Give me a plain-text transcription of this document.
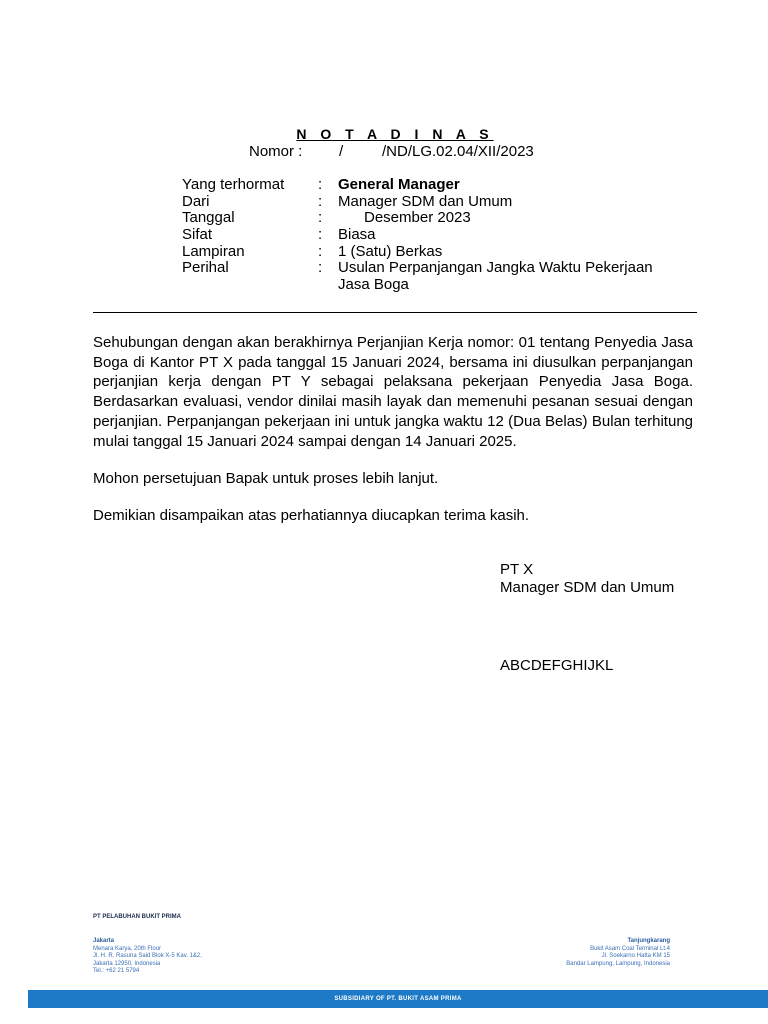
N O T A D I N A S
Nomor : /	/ND/LG.02.04/XII/2023
Yang terhormat : General Manager
Dari	: Manager SDM dan Umum
Tanggal	:	Desember 2023
Sifat	: Biasa
Lampiran	: 1 (Satu) Berkas
Perihal	: Usulan Perpanjangan Jangka Waktu Pekerjaan
Jasa Boga
Sehubungan dengan akan berakhirnya Perjanjian Kerja nomor: 01 tentang Penyedia Jasa Boga di Kantor PT X pada tanggal 15 Januari 2024, bersama ini diusulkan perpanjangan perjanjian kerja dengan PT Y sebagai pelaksana pekerjaan Penyedia Jasa Boga. Berdasarkan evaluasi, vendor dinilai masih layak dan memenuhi pesanan sesuai dengan perjanjian. Perpanjangan pekerjaan ini untuk jangka waktu 12 (Dua Belas) Bulan terhitung mulai tanggal 15 Januari 2024 sampai dengan 14 Januari 2025.
Mohon persetujuan Bapak untuk proses lebih lanjut.
Demikian disampaikan atas perhatiannya diucapkan terima kasih.
PT X
Manager SDM dan Umum
ABCDEFGHIJKL
PT PELABUHAN BUKIT PRIMA
Jakarta
Menara Karya, 20th Floor
Jl. H. R. Rasuna Said Blok X-5 Kav. 1&2,
Jakarta 12950, Indonesia
Tel.: +62 21 5794
Tanjungkarang
Bukit Asam Coal Terminal Lt.4
Jl. Soekarno Hatta KM 15
Bandar Lampung, Lampung, Indonesia
SUBSIDIARY OF PT. BUKIT ASAM PRIMA
